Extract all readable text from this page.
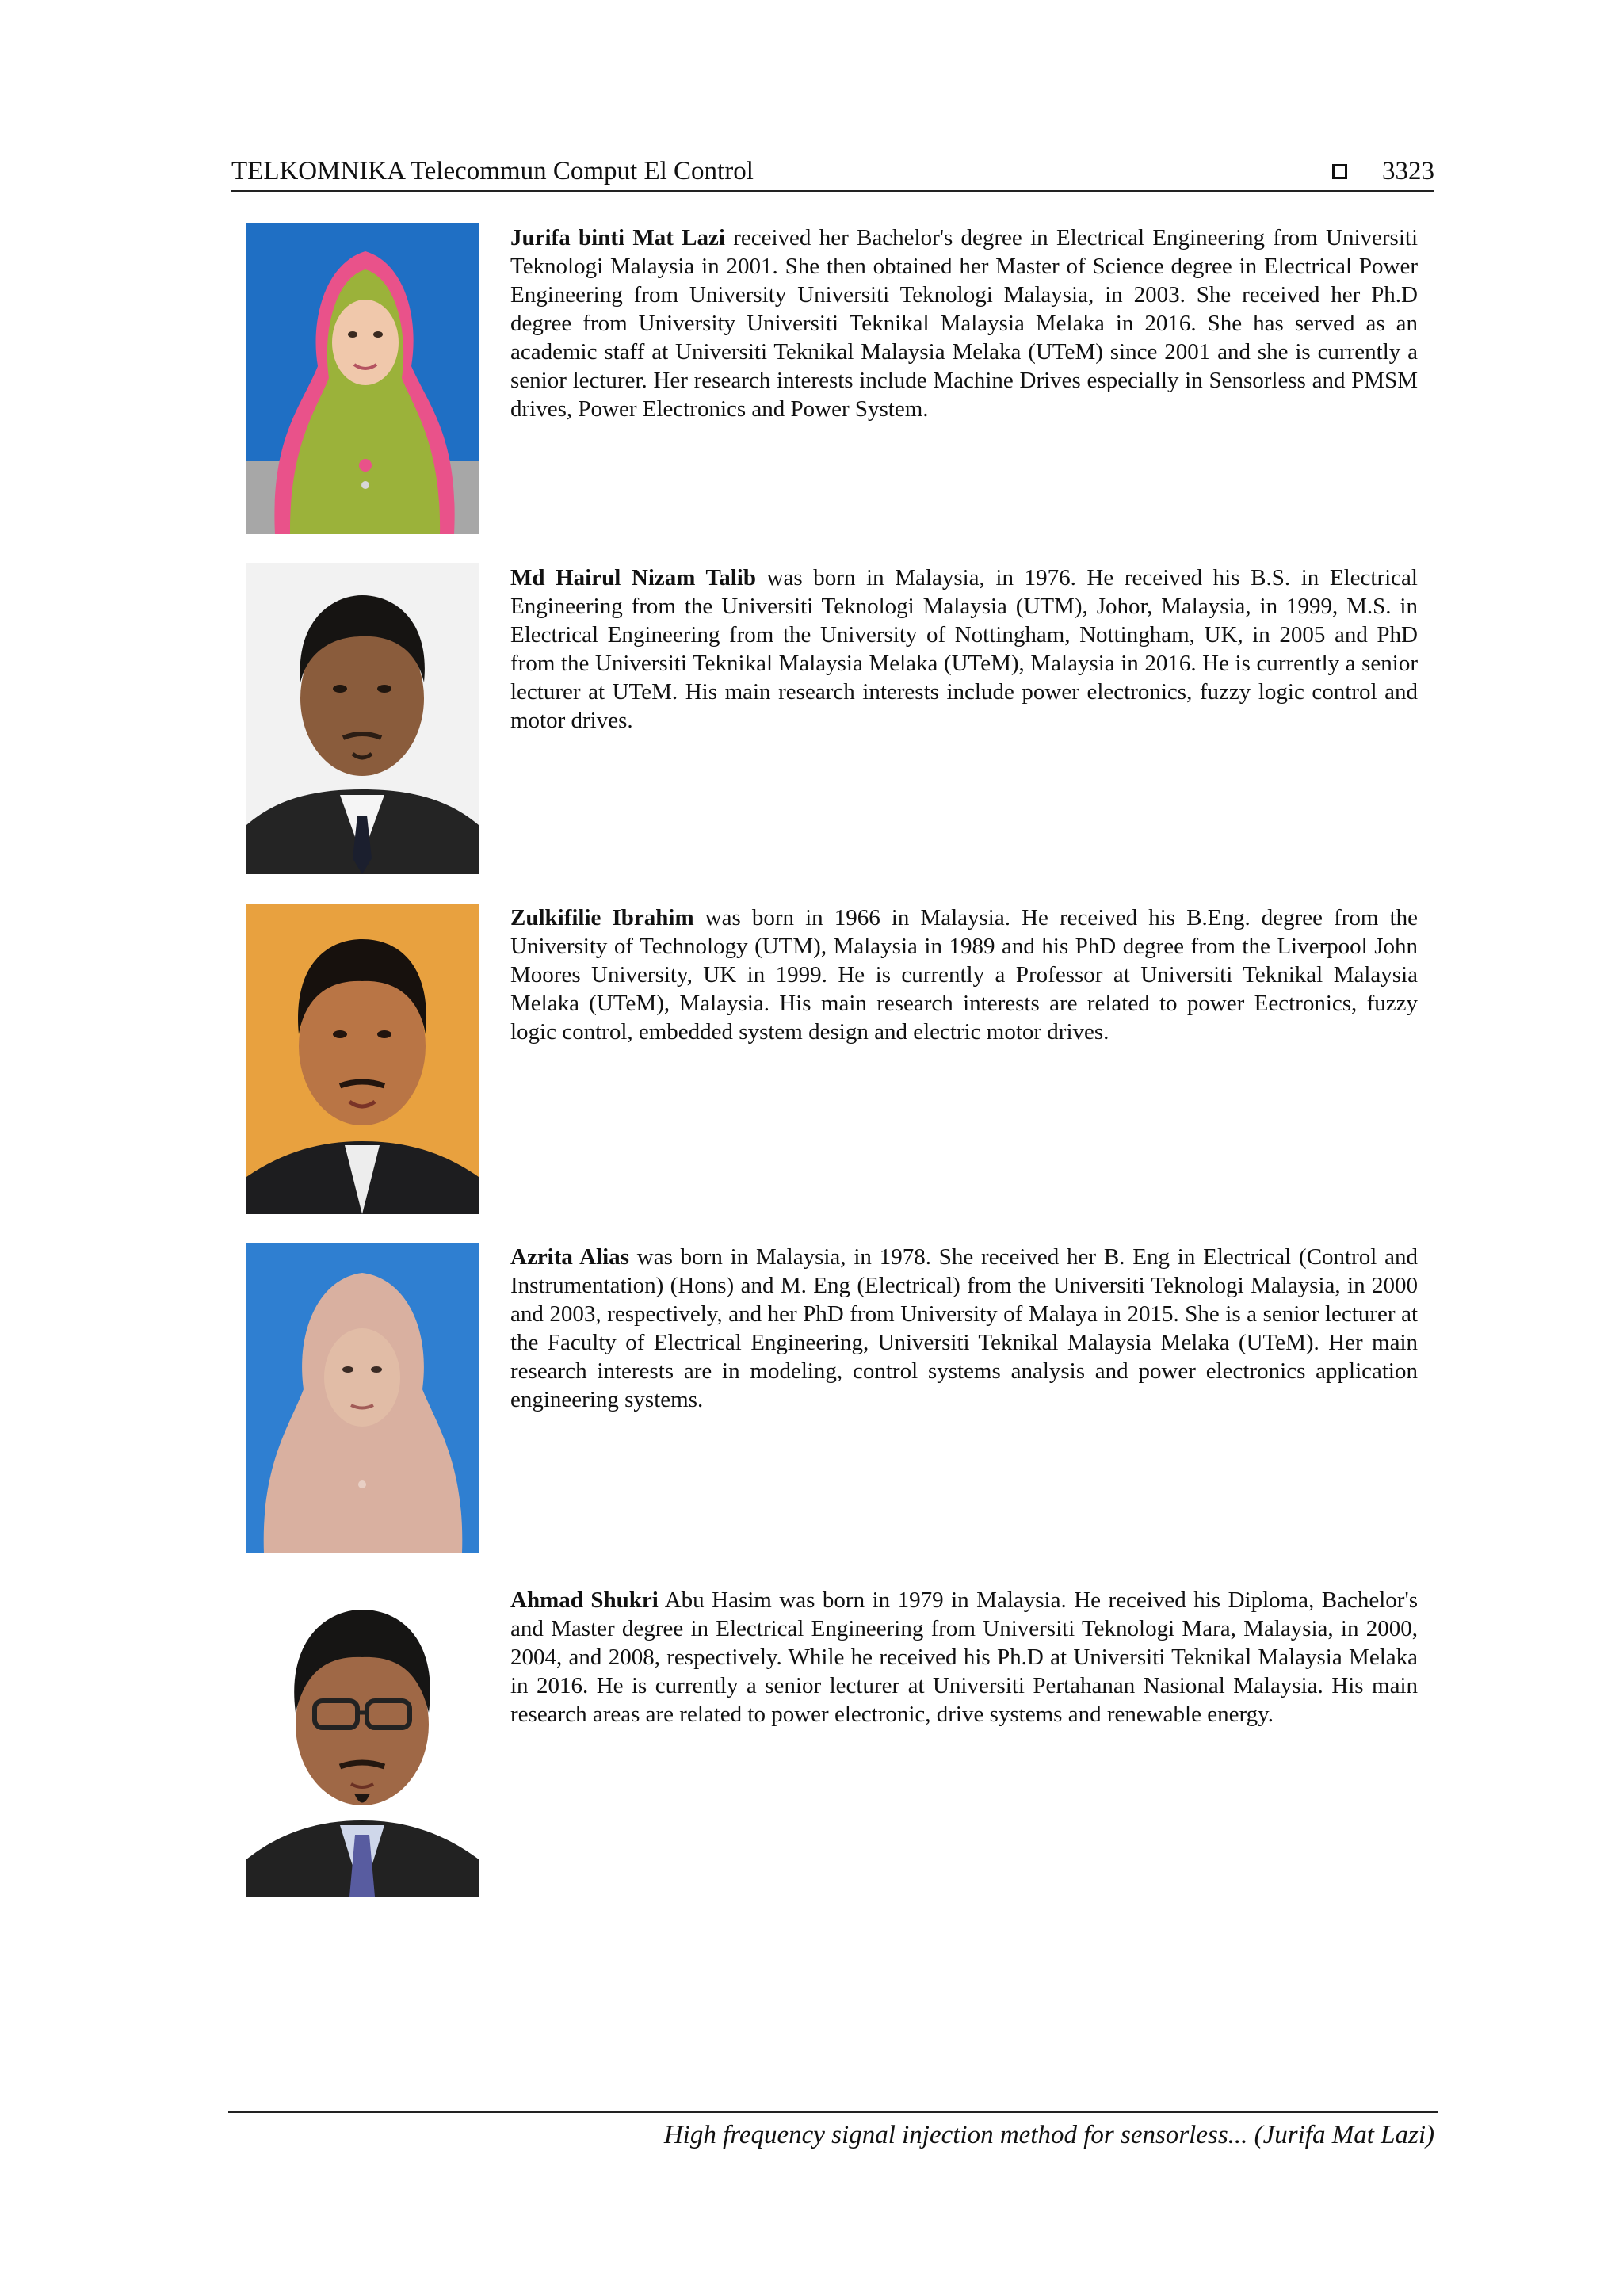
TELKOMNIKA Telecommun Comput El Control	3323

Jurifa binti Mat Lazi received her Bachelor's degree in Electrical Engineering from Universiti Teknologi Malaysia in 2001. She then obtained her Master of Science degree in Electrical Power Engineering from University Universiti Teknologi Malaysia, in 2003. She received her Ph.D degree from University Universiti Teknikal Malaysia Melaka in 2016. She has served as an academic staff at Universiti Teknikal Malaysia Melaka (UTeM) since 2001 and she is currently a senior lecturer. Her research interests include Machine Drives especially in Sensorless and PMSM drives, Power Electronics and Power System.

Md Hairul Nizam Talib was born in Malaysia, in 1976. He received his B.S. in Electrical Engineering from the Universiti Teknologi Malaysia (UTM), Johor, Malaysia, in 1999, M.S. in Electrical Engineering from the University of Nottingham, Nottingham, UK, in 2005 and PhD from the Universiti Teknikal Malaysia Melaka (UTeM), Malaysia in 2016. He is currently a senior lecturer at UTeM. His main research interests include power electronics, fuzzy logic control and motor drives.

Zulkifilie Ibrahim was born in 1966 in Malaysia. He received his B.Eng. degree from the University of Technology (UTM), Malaysia in 1989 and his PhD degree from the Liverpool John Moores University, UK in 1999. He is currently a Professor at Universiti Teknikal Malaysia Melaka (UTeM), Malaysia. His main research interests are related to power Eectronics, fuzzy logic control, embedded system design and electric motor drives.

Azrita Alias was born in Malaysia, in 1978. She received her B. Eng in Electrical (Control and Instrumentation) (Hons) and M. Eng (Electrical) from the Universiti Teknologi Malaysia, in 2000 and 2003, respectively, and her PhD from University of Malaya in 2015. She is a senior lecturer at the Faculty of Electrical Engineering, Universiti Teknikal Malaysia Melaka (UTeM). Her main research interests are in modeling, control systems analysis and power electronics application engineering systems.

Ahmad Shukri Abu Hasim was born in 1979 in Malaysia. He received his Diploma, Bachelor's and Master degree in Electrical Engineering from Universiti Teknologi Mara, Malaysia, in 2000, 2004, and 2008, respectively. While he received his Ph.D at Universiti Teknikal Malaysia Melaka in 2016. He is currently a senior lecturer at Universiti Pertahanan Nasional Malaysia. His main research areas are related to power electronic, drive systems and renewable energy.

High frequency signal injection method for sensorless... (Jurifa Mat Lazi)
